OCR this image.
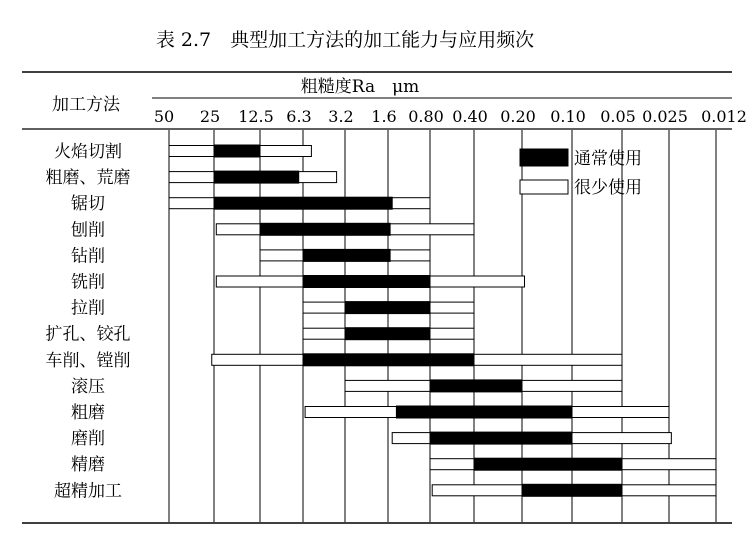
表 2.7　典型加工方法的加工能力与应用频次
加工方法
粗糙度Ra　μm
50 25 12.5 6.3 3.2 1.6 0.80 0.40 0.20 0.10 0.05 0.025 0.012
火焰切割
粗磨、荒磨
锯切
刨削
钻削
铣削
拉削
扩孔、铰孔
车削、镗削
滚压
粗磨
磨削
精磨
超精加工
通常使用
很少使用
